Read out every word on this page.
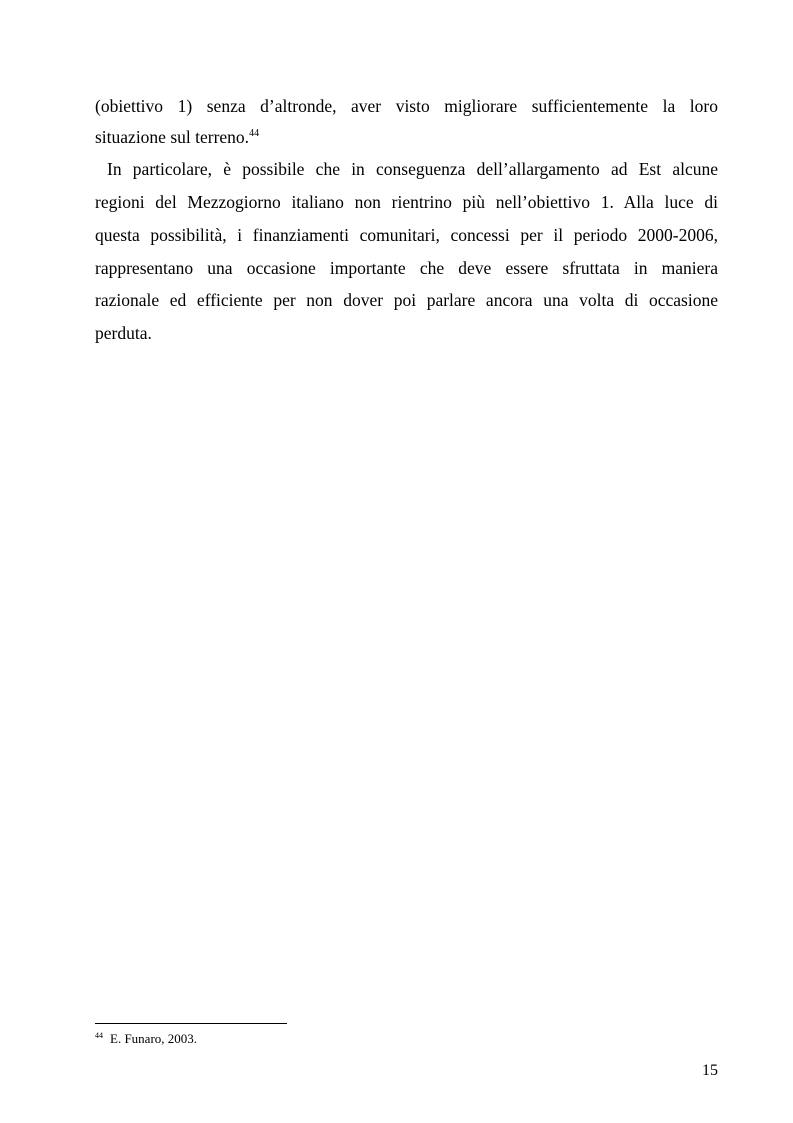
(obiettivo 1) senza d’altronde, aver visto migliorare sufficientemente la loro
situazione sul terreno.$^{44}$
In particolare, è possibile che in conseguenza dell’allargamento ad Est alcune
regioni del Mezzogiorno italiano non rientrino più nell’obiettivo 1. Alla luce di
questa possibilità, i finanziamenti comunitari, concessi per il periodo 2000-2006,
rappresentano una occasione importante che deve essere sfruttata in maniera
razionale ed efficiente per non dover poi parlare ancora una volta di occasione
perduta.
$^{44}$ E. Funaro, 2003.
15
